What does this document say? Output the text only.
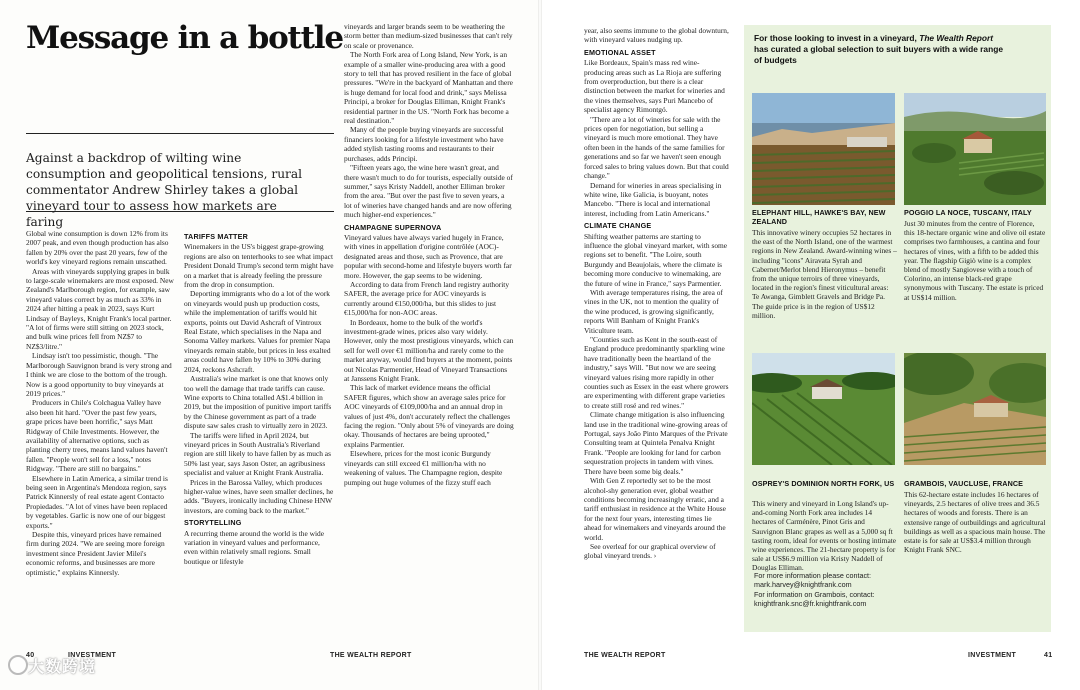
Message in a bottle
Against a backdrop of wilting wine consumption and geopolitical tensions, rural commentator Andrew Shirley takes a global vineyard tour to assess how markets are faring

Global wine consumption is down 12% from its 2007 peak, and even though production has also fallen by 20% over the past 20 years, few of the world's key vineyard regions remain unscathed.

Areas with vineyards supplying grapes in bulk to large-scale winemakers are most exposed. New Zealand's Marlborough region, for example, saw vineyard values correct by as much as 33% in 2024 after hitting a peak in 2023, says Kurt Lindsay of Bayleys, Knight Frank's local partner. "A lot of firms were still sitting on 2023 stock, and bulk wine prices fell from NZ$7 to NZ$3/litre."

Lindsay isn't too pessimistic, though. "The Marlborough Sauvignon brand is very strong and I think we are close to the bottom of the trough. Now is a good opportunity to buy vineyards at 2019 prices."

Producers in Chile's Colchagua Valley have also been hit hard. "Over the past few years, grape prices have been horrific," says Matt Ridgway of Chile Investments. However, the availability of alternative options, such as planting cherry trees, means land values haven't fallen. "People won't sell for a loss," notes Ridgway. "There are still no bargains."

Elsewhere in Latin America, a similar trend is being seen in Argentina's Mendoza region, says Patrick Kinnersly of real estate agent Contacto Propiedades. "A lot of vines have been replaced by vegetables. Garlic is now one of our biggest exports."

Despite this, vineyard prices have remained firm during 2024. "We are seeing more foreign investment since President Javier Milei's economic reforms, and businesses are more optimistic," explains Kinnersly.

TARIFFS MATTER

Winemakers in the US's biggest grape-growing regions are also on tenterhooks to see what impact President Donald Trump's second term might have on a market that is already feeling the pressure from the drop in consumption.

Deporting immigrants who do a lot of the work on vineyards would push up production costs, while the implementation of tariffs would hit exports, points out David Ashcraft of Vintroux Real Estate, which specialises in the Napa and Sonoma Valley markets. Values for premier Napa vineyards remain stable, but prices in less exalted areas could have fallen by 10% to 30% during 2024, reckons Ashcraft.

Australia's wine market is one that knows only too well the damage that trade tariffs can cause. Wine exports to China totalled A$1.4 billion in 2019, but the imposition of punitive import tariffs by the Chinese government as part of a trade dispute saw sales crash to virtually zero in 2023.

The tariffs were lifted in April 2024, but vineyard prices in South Australia's Riverland region are still likely to have fallen by as much as 50% last year, says Jason Oster, an agribusiness specialist and valuer at Knight Frank Australia.

Prices in the Barossa Valley, which produces higher-value wines, have seen smaller declines, he adds. "Buyers, ironically including Chinese HNW investors, are coming back to the market."

STORYTELLING

A recurring theme around the world is the wide variation in vineyard values and performance, even within relatively small regions. Small boutique or lifestyle

vineyards and larger brands seem to be weathering the storm better than medium-sized businesses that can't rely on scale or provenance.

The North Fork area of Long Island, New York, is an example of a smaller wine-producing area with a good story to tell that has proved resilient in the face of global pressures. "We're in the backyard of Manhattan and there is huge demand for local food and drink," says Melissa Principi, a broker for Douglas Elliman, Knight Frank's residential partner in the US. "North Fork has become a real destination."

Many of the people buying vineyards are successful financiers looking for a lifestyle investment who have added stylish tasting rooms and restaurants to their purchases, adds Principi.

"Fifteen years ago, the wine here wasn't great, and there wasn't much to do for tourists, especially outside of summer," says Kristy Naddell, another Elliman broker from the area. "But over the past five to seven years, a lot of wineries have changed hands and are now offering much higher-end experiences."

CHAMPAGNE SUPERNOVA

Vineyard values have always varied hugely in France, with vines in appellation d'origine contrôlée (AOC)-designated areas and those, such as Provence, that are popular with second-home and lifestyle buyers worth far more. However, the gap seems to be widening.

According to data from French land registry authority SAFER, the average price for AOC vineyards is currently around €150,000/ha, but this slides to just €15,000/ha for non-AOC areas.

In Bordeaux, home to the bulk of the world's investment-grade wines, prices also vary widely. However, only the most prestigious vineyards, which can sell for well over €1 million/ha and rarely come to the market anyway, would find buyers at the moment, points out Nicolas Parmentier, Head of Vineyard Transactions at Janssens Knight Frank.

This lack of market evidence means the official SAFER figures, which show an average sales price for AOC vineyards of €109,000/ha and an annual drop in values of just 4%, don't accurately reflect the challenges facing the region. "Only about 5% of vineyards are doing okay. Thousands of hectares are being uprooted," explains Parmentier.

Elsewhere, prices for the most iconic Burgundy vineyards can still exceed €1 million/ha with no weakening of values. The Champagne region, despite pumping out huge volumes of the fizzy stuff each

year, also seems immune to the global downturn, with vineyard values nudging up.

EMOTIONAL ASSET

Like Bordeaux, Spain's mass red wine-producing areas such as La Rioja are suffering from overproduction, but there is a clear distinction between the market for wineries and the vines themselves, says Puri Mancebo of specialist agency Rimontgó.

"There are a lot of wineries for sale with the prices open for negotiation, but selling a vineyard is much more emotional. They have often been in the hands of the same families for generations and so far we haven't seen enough forced sales to bring values down. But that could change."

Demand for wineries in areas specialising in white wine, like Galicia, is buoyant, notes Mancebo. "There is local and international interest, including from Latin Americans."

CLIMATE CHANGE

Shifting weather patterns are starting to influence the global vineyard market, with some regions set to benefit. "The Loire, south Burgundy and Beaujolais, where the climate is becoming more conducive to winemaking, are the future of wine in France," says Parmentier.

With average temperatures rising, the area of vines in the UK, not to mention the quality of the wine produced, is growing significantly, reports Will Banham of Knight Frank's Viticulture team.

"Counties such as Kent in the south-east of England produce predominantly sparkling wine have traditionally been the heartland of the industry," says Will. "But now we are seeing vineyard values rising more rapidly in other counties such as Essex in the east where growers are experimenting with different grape varieties to create still rosé and red wines."

Climate change mitigation is also influencing land use in the traditional wine-growing areas of Portugal, says João Pinto Marques of the Private Consulting team at Quintela Penalva Knight Frank. "People are looking for land for carbon sequestration projects in tandem with vines. There have been some big deals."

With Gen Z reportedly set to be the most alcohol-shy generation ever, global weather conditions becoming increasingly erratic, and a tariff enthusiast in residence at the White House for the next four years, interesting times lie ahead for winemakers and vineyards around the world.

See overleaf for our graphical overview of global vineyard trends. ›

For those looking to invest in a vineyard, The Wealth Report has curated a global selection to suit buyers with a wide range of budgets
ELEPHANT HILL, HAWKE'S BAY, NEW ZEALAND
This innovative winery occupies 52 hectares in the east of the North Island, one of the warmest regions in New Zealand. Award-winning wines – including "icons" Airavata Syrah and Cabernet/Merlot blend Hieronymus – benefit from the unique terroirs of three vineyards, located in the region's finest viticultural areas: Te Awanga, Gimblett Gravels and Bridge Pa. The guide price is in the region of US$12 million.
POGGIO LA NOCE, TUSCANY, ITALY
Just 30 minutes from the centre of Florence, this 18-hectare organic wine and olive oil estate comprises two farmhouses, a cantina and four hectares of vines, with a fifth to be added this year. The flagship Gigiò wine is a complex blend of mostly Sangiovese with a touch of Colorino, an intense black-red grape synonymous with Tuscany. The estate is priced at US$14 million.
OSPREY'S DOMINION NORTH FORK, US
This winery and vineyard in Long Island's up-and-coming North Fork area includes 14 hectares of Carménère, Pinot Gris and Sauvignon Blanc grapes as well as a 5,000 sq ft tasting room, ideal for events or hosting intimate wine experiences. The 21-hectare property is for sale at US$6.9 million via Kristy Naddell of Douglas Elliman.
GRAMBOIS, VAUCLUSE, FRANCE
This 62-hectare estate includes 16 hectares of vineyards, 2.5 hectares of olive trees and 36.5 hectares of woods and forests. There is an extensive range of outbuildings and agricultural buildings as well as a spacious main house. The estate is for sale at US$3.4 million through Knight Frank SNC.
For more information please contact:
mark.harvey@knightfrank.com
For information on Grambois, contact:
knightfrank.snc@fr.knightfrank.com
40	INVESTMENT	THE WEALTH REPORT	THE WEALTH REPORT	INVESTMENT	41
大数跨境
